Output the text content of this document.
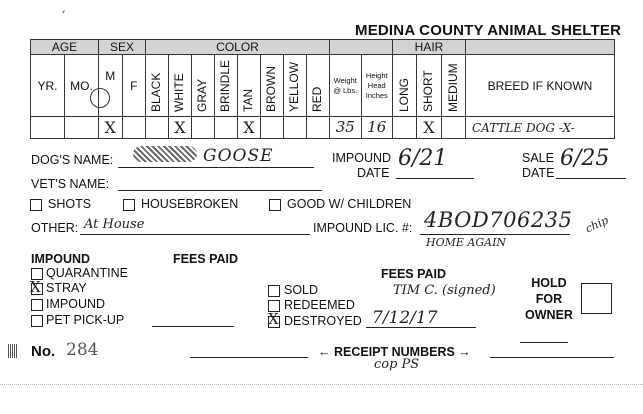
,
MEDINA COUNTY ANIMAL SHELTER
AGE		SEX		COLOR										HAIR			
YR.	MO.	M	F	BLACK	WHITE	GRAY	BRINDLE	TAN	BROWN	YELLOW	RED	Weight @ Lbs.	Height Head Inches	LONG	SHORT	MEDIUM	BREED IF KNOWN
		X			X			X				35	16		X		CATTLE DOG -X-
DOG'S NAME:	GOOSE	IMPOUND
DATE
6/21	SALE
DATE
6/25
VET'S NAME:
SHOTS	HOUSEBROKEN	GOOD W/ CHILDREN
OTHER: At House	IMPOUND LIC. #: 4BOD706235
HOME AGAIN
chip
IMPOUND	FEES PAID
QUARANTINE
X STRAY
IMPOUND
PET PICK-UP
FEES PAID
TIM C. (signed)
SOLD
REDEEMED
X DESTROYED 7/12/17
HOLD FOR OWNER
No. 284	← RECEIPT NUMBERS →
cop PS
